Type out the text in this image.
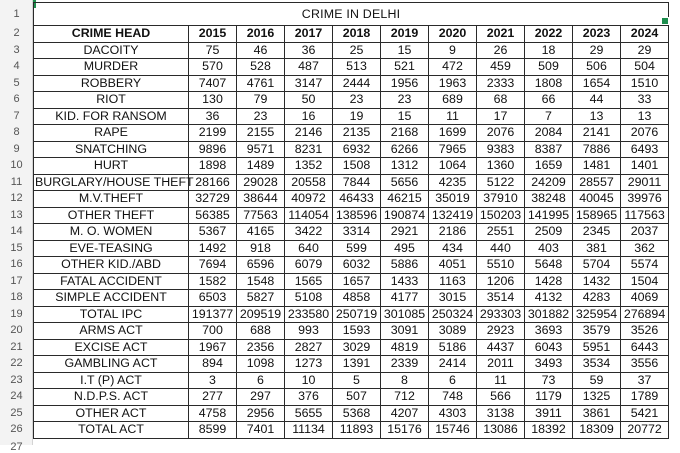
1
2
3
4
5
6
7
8
9
10
11
12
13
14
15
16
17
18
19
20
21
22
23
24
25
26
27
CRIME IN DELHI										
CRIME HEAD	2015	2016	2017	2018	2019	2020	2021	2022	2023	2024
DACOITY	75	46	36	25	15	9	26	18	29	29
MURDER	570	528	487	513	521	472	459	509	506	504
ROBBERY	7407	4761	3147	2444	1956	1963	2333	1808	1654	1510
RIOT	130	79	50	23	23	689	68	66	44	33
KID. FOR RANSOM	36	23	16	19	15	11	17	7	13	13
RAPE	2199	2155	2146	2135	2168	1699	2076	2084	2141	2076
SNATCHING	9896	9571	8231	6932	6266	7965	9383	8387	7886	6493
HURT	1898	1489	1352	1508	1312	1064	1360	1659	1481	1401
BURGLARY/HOUSE THEFT	28166	29028	20558	7844	5656	4235	5122	24209	28557	29011
M.V.THEFT	32729	38644	40972	46433	46215	35019	37910	38248	40045	39976
OTHER THEFT	56385	77563	114054	138596	190874	132419	150203	141995	158965	117563
M. O. WOMEN	5367	4165	3422	3314	2921	2186	2551	2509	2345	2037
EVE-TEASING	1492	918	640	599	495	434	440	403	381	362
OTHER KID./ABD	7694	6596	6079	6032	5886	4051	5510	5648	5704	5574
FATAL ACCIDENT	1582	1548	1565	1657	1433	1163	1206	1428	1432	1504
SIMPLE ACCIDENT	6503	5827	5108	4858	4177	3015	3514	4132	4283	4069
TOTAL IPC	191377	209519	233580	250719	301085	250324	293303	301882	325954	276894
ARMS ACT	700	688	993	1593	3091	3089	2923	3693	3579	3526
EXCISE ACT	1967	2356	2827	3029	4819	5186	4437	6043	5951	6443
GAMBLING ACT	894	1098	1273	1391	2339	2414	2011	3493	3534	3556
I.T (P) ACT	3	6	10	5	8	6	11	73	59	37
N.D.P.S. ACT	277	297	376	507	712	748	566	1179	1325	1789
OTHER ACT	4758	2956	5655	5368	4207	4303	3138	3911	3861	5421
TOTAL ACT	8599	7401	11134	11893	15176	15746	13086	18392	18309	20772
